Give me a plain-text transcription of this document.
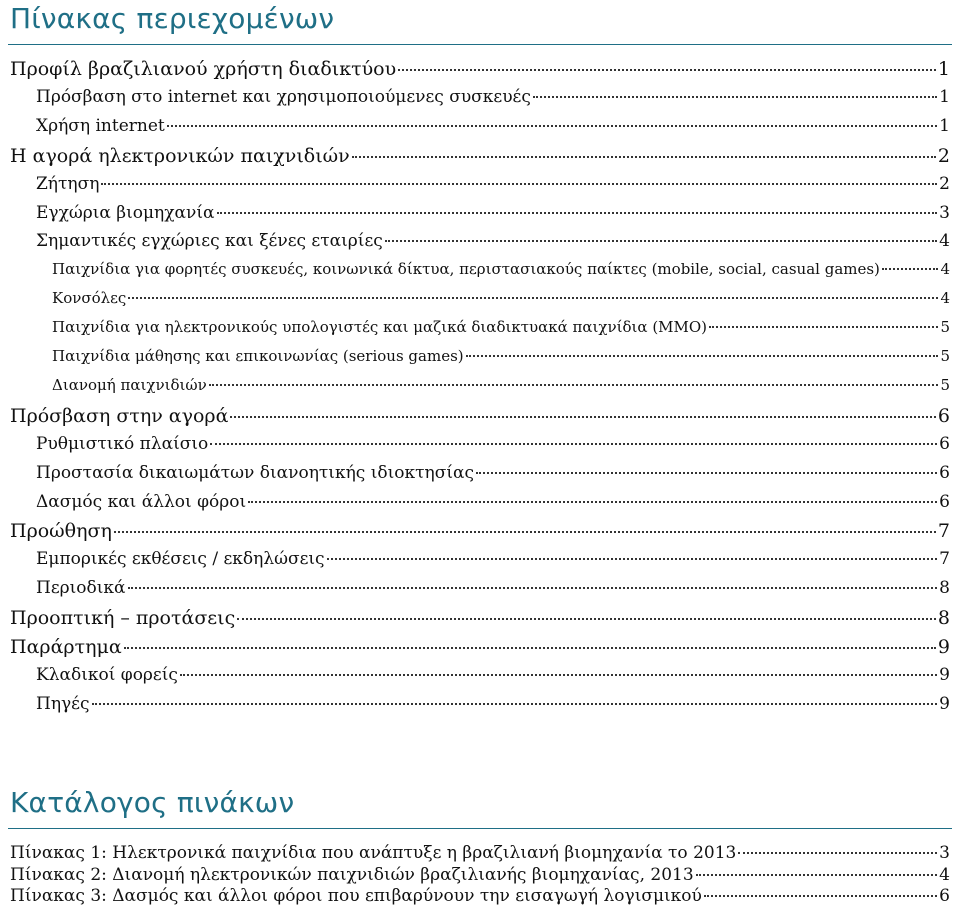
Πίνακας περιεχομένων
Προφίλ βραζιλιανού χρήστη διαδικτύου	1
Πρόσβαση στο internet και χρησιμοποιούμενες συσκευές	1
Χρήση internet	1
Η αγορά ηλεκτρονικών παιχνιδιών	2
Ζήτηση	2
Εγχώρια βιομηχανία	3
Σημαντικές εγχώριες και ξένες εταιρίες	4
Παιχνίδια για φορητές συσκευές, κοινωνικά δίκτυα, περιστασιακούς παίκτες (mobile, social, casual games)	4
Κονσόλες	4
Παιχνίδια για ηλεκτρονικούς υπολογιστές και μαζικά διαδικτυακά παιχνίδια (MMO)	5
Παιχνίδια μάθησης και επικοινωνίας (serious games)	5
Διανομή παιχνιδιών	5
Πρόσβαση στην αγορά	6
Ρυθμιστικό πλαίσιο	6
Προστασία δικαιωμάτων διανοητικής ιδιοκτησίας	6
Δασμός και άλλοι φόροι	6
Προώθηση	7
Εμπορικές εκθέσεις / εκδηλώσεις	7
Περιοδικά	8
Προοπτική – προτάσεις	8
Παράρτημα	9
Κλαδικοί φορείς	9
Πηγές	9
Κατάλογος πινάκων
Πίνακας 1: Ηλεκτρονικά παιχνίδια που ανάπτυξε η βραζιλιανή βιομηχανία το 2013	3
Πίνακας 2: Διανομή ηλεκτρονικών παιχνιδιών βραζιλιανής βιομηχανίας, 2013	4
Πίνακας 3: Δασμός και άλλοι φόροι που επιβαρύνουν την εισαγωγή λογισμικού	6
